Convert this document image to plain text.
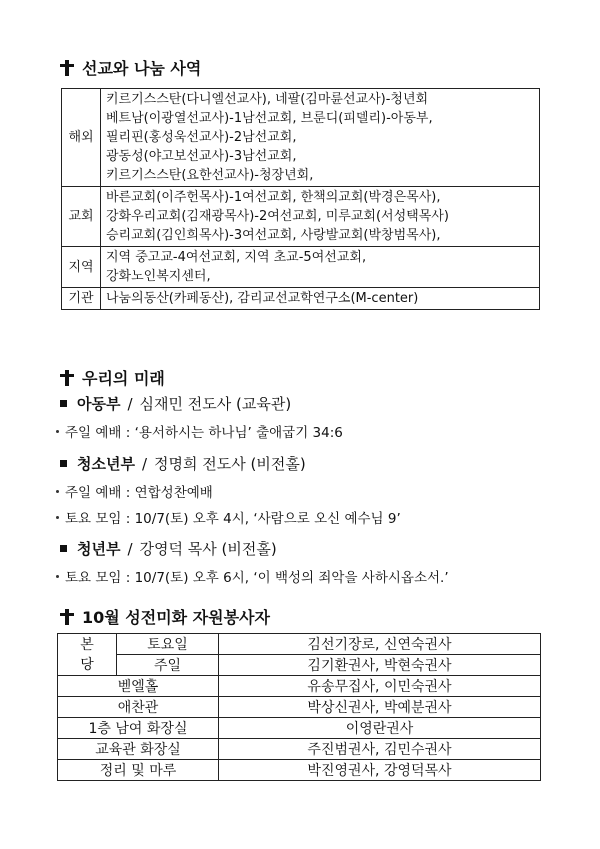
선교와 나눔 사역
해외	키르기스스탄(다니엘선교사), 네팔(김마륜선교사)-청년회
베트남(이광열선교사)-1남선교회, 브룬디(피델리)-아동부,
필리핀(홍성욱선교사)-2남선교회,
광동성(야고보선교사)-3남선교회,
키르기스스탄(요한선교사)-청장년회,

교회	바른교회(이주헌목사)-1여선교회, 한책의교회(박경은목사),
강화우리교회(김재광목사)-2여선교회, 미루교회(서성택목사)
승리교회(김인희목사)-3여선교회, 사랑발교회(박창범목사),

지역	지역 중고교-4여선교회, 지역 초교-5여선교회,
강화노인복지센터,

기관	나눔의동산(카페동산), 감리교선교학연구소(M-center)
우리의 미래
아동부 / 심재민 전도사 (교육관)
주일 예배 : ‘용서하시는 하나님’ 출애굽기 34:6
청소년부 / 정명희 전도사 (비전홀)
주일 예배 : 연합성찬예배
토요 모임 : 10/7(토) 오후 4시, ‘사람으로 오신 예수님 9’
청년부 / 강영덕 목사 (비전홀)
토요 모임 : 10/7(토) 오후 6시, ‘이 백성의 죄악을 사하시옵소서.’
10월 성전미화 자원봉사자
본
당	토요일	김선기장로, 신연숙권사
	주일	김기환권사, 박현숙권사
벧엘홀		유송무집사, 이민숙권사
애찬관		박상신권사, 박예분권사
1층 남여 화장실		이영란권사
교육관 화장실		주진범권사, 김민수권사
정리 및 마루		박진영권사, 강영덕목사
